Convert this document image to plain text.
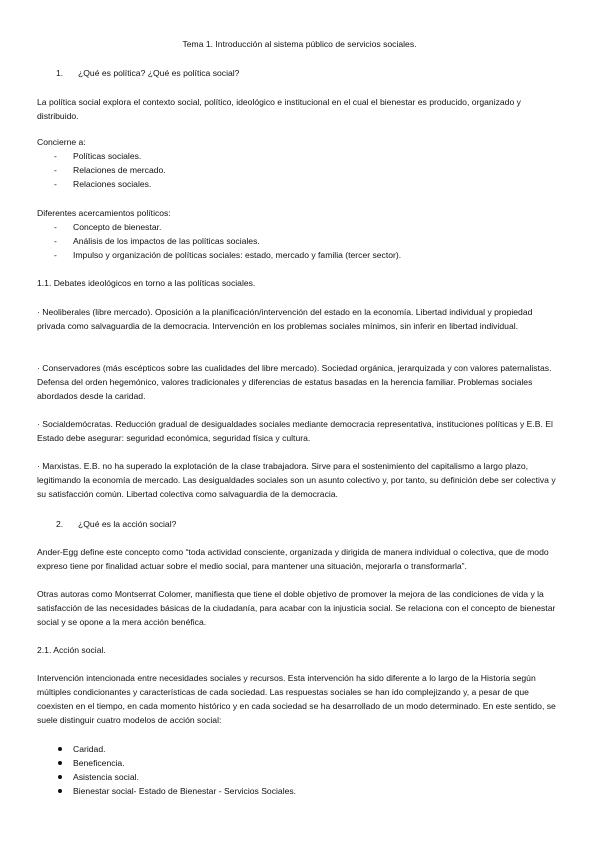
Tema 1. Introducción al sistema público de servicios sociales.
1. ¿Qué es política? ¿Qué es política social?
La política social explora el contexto social, político, ideológico e institucional en el cual el bienestar es producido, organizado y distribuido.
Concierne a:
- Políticas sociales.
- Relaciones de mercado.
- Relaciones sociales.
Diferentes acercamientos políticos:
- Concepto de bienestar.
- Análisis de los impactos de las políticas sociales.
- Impulso y organización de políticas sociales: estado, mercado y familia (tercer sector).
1.1. Debates ideológicos en torno a las políticas sociales.
· Neoliberales (libre mercado). Oposición a la planificación/intervención del estado en la economía. Libertad individual y propiedad privada como salvaguardia de la democracia. Intervención en los problemas sociales mínimos, sin inferir en libertad individual.
· Conservadores (más escépticos sobre las cualidades del libre mercado). Sociedad orgánica, jerarquizada y con valores paternalistas. Defensa del orden hegemónico, valores tradicionales y diferencias de estatus basadas en la herencia familiar. Problemas sociales abordados desde la caridad.
· Socialdemócratas. Reducción gradual de desigualdades sociales mediante democracia representativa, instituciones políticas y E.B. El Estado debe asegurar: seguridad económica, seguridad física y cultura.
· Marxistas. E.B. no ha superado la explotación de la clase trabajadora. Sirve para el sostenimiento del capitalismo a largo plazo, legitimando la economía de mercado. Las desigualdades sociales son un asunto colectivo y, por tanto, su definición debe ser colectiva y su satisfacción común. Libertad colectiva como salvaguardia de la democracia.
2. ¿Qué es la acción social?
Ander-Egg define este concepto como “toda actividad consciente, organizada y dirigida de manera individual o colectiva, que de modo expreso tiene por finalidad actuar sobre el medio social, para mantener una situación, mejorarla o transformarla”.
Otras autoras como Montserrat Colomer, manifiesta que tiene el doble objetivo de promover la mejora de las condiciones de vida y la satisfacción de las necesidades básicas de la ciudadanía, para acabar con la injusticia social. Se relaciona con el concepto de bienestar social y se opone a la mera acción benéfica.
2.1. Acción social.
Intervención intencionada entre necesidades sociales y recursos. Esta intervención ha sido diferente a lo largo de la Historia según múltiples condicionantes y características de cada sociedad. Las respuestas sociales se han ido complejizando y, a pesar de que coexisten en el tiempo, en cada momento histórico y en cada sociedad se ha desarrollado de un modo determinado. En este sentido, se suele distinguir cuatro modelos de acción social:
Caridad.
Beneficencia.
Asistencia social.
Bienestar social- Estado de Bienestar - Servicios Sociales.
